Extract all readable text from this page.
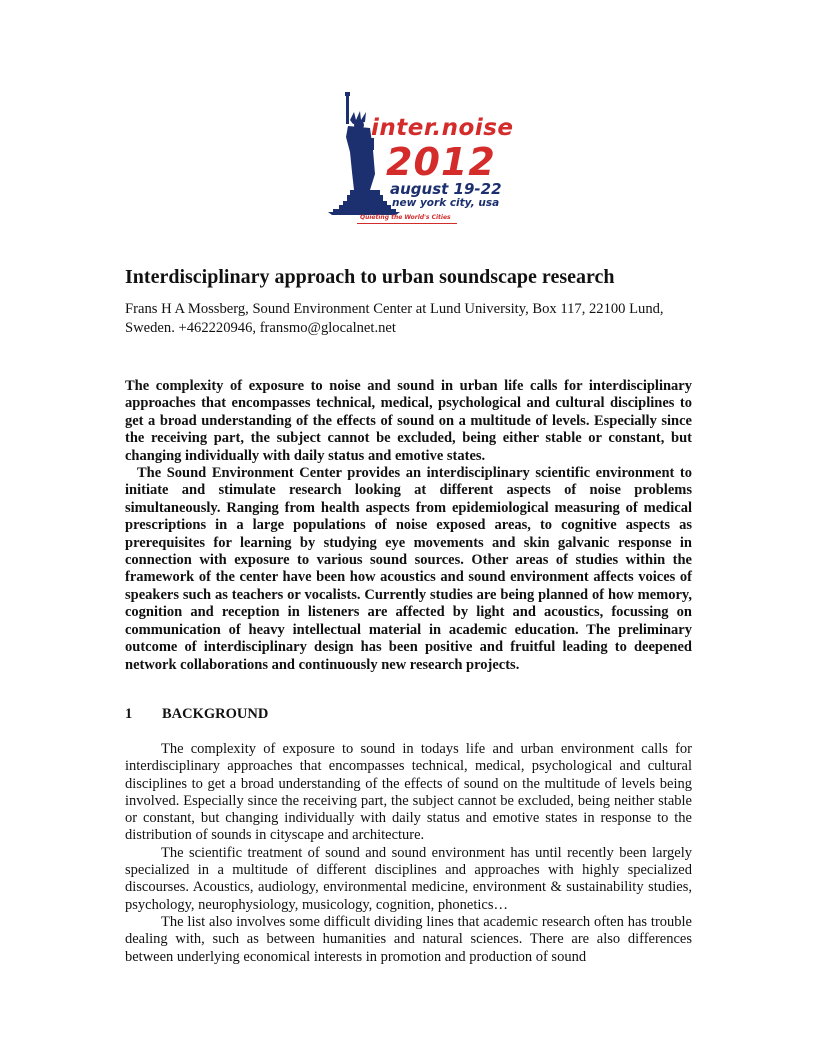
inter.noise
2012
august 19-22
new york city, usa
Quieting the World's Cities
Interdisciplinary approach to urban soundscape research

Frans H A Mossberg, Sound Environment Center at Lund University, Box 117, 22100 Lund, Sweden. +462220946, fransmo@glocalnet.net

The complexity of exposure to noise and sound in urban life calls for interdisciplinary approaches that encompasses technical, medical, psychological and cultural disciplines to get a broad understanding of the effects of sound on a multitude of levels. Especially since the receiving part, the subject cannot be excluded, being either stable or constant, but changing individually with daily status and emotive states.

The Sound Environment Center provides an interdisciplinary scientific environment to initiate and stimulate research looking at different aspects of noise problems simultaneously. Ranging from health aspects from epidemiological measuring of medical prescriptions in a large populations of noise exposed areas, to cognitive aspects as prerequisites for learning by studying eye movements and skin galvanic response in connection with exposure to various sound sources. Other areas of studies within the framework of the center have been how acoustics and sound environment affects voices of speakers such as teachers or vocalists. Currently studies are being planned of how memory, cognition and reception in listeners are affected by light and acoustics, focussing on communication of heavy intellectual material in academic education. The preliminary outcome of interdisciplinary design has been positive and fruitful leading to deepened network collaborations and continuously new research projects.

1 BACKGROUND

The complexity of exposure to sound in todays life and urban environment calls for interdisciplinary approaches that encompasses technical, medical, psychological and cultural disciplines to get a broad understanding of the effects of sound on the multitude of levels being involved. Especially since the receiving part, the subject cannot be excluded, being neither stable or constant, but changing individually with daily status and emotive states in response to the distribution of sounds in cityscape and architecture.

The scientific treatment of sound and sound environment has until recently been largely specialized in a multitude of different disciplines and approaches with highly specialized discourses. Acoustics, audiology, environmental medicine, environment & sustainability studies, psychology, neurophysiology, musicology, cognition, phonetics…

The list also involves some difficult dividing lines that academic research often has trouble dealing with, such as between humanities and natural sciences. There are also differences between underlying economical interests in promotion and production of sound
